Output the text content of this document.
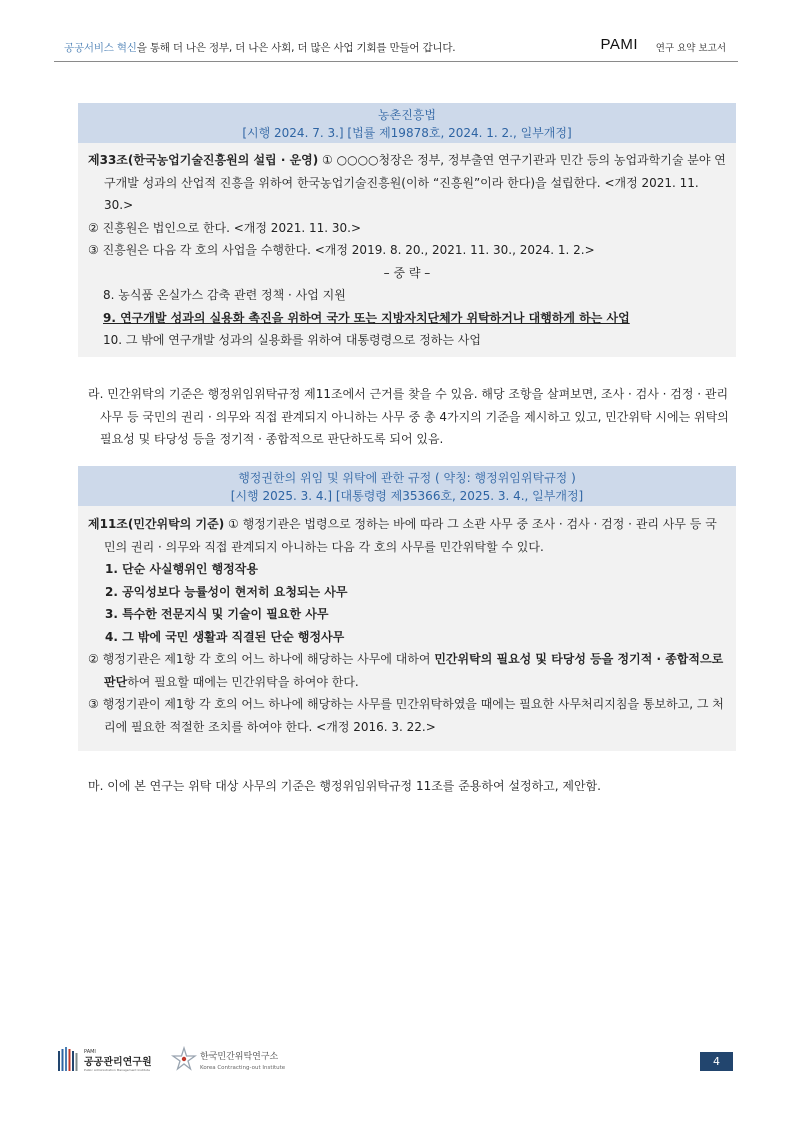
공공서비스 혁신을 통해 더 나은 정부, 더 나은 사회, 더 많은 사업 기회를 만들어 갑니다.	PAMI 연구 요약 보고서
농촌진흥법
[시행 2024. 7. 3.] [법률 제19878호, 2024. 1. 2., 일부개정]
제33조(한국농업기술진흥원의 설립 · 운영) ① ○○○○청장은 정부, 정부출연 연구기관과 민간 등의 농업과학기술 분야 연구개발 성과의 산업적 진흥을 위하여 한국농업기술진흥원(이하 “진흥원”이라 한다)을 설립한다. <개정 2021. 11. 30.>
② 진흥원은 법인으로 한다. <개정 2021. 11. 30.>
③ 진흥원은 다음 각 호의 사업을 수행한다. <개정 2019. 8. 20., 2021. 11. 30., 2024. 1. 2.>
– 중 략 –
8. 농식품 온실가스 감축 관련 정책 · 사업 지원
9. 연구개발 성과의 실용화 촉진을 위하여 국가 또는 지방자치단체가 위탁하거나 대행하게 하는 사업
10. 그 밖에 연구개발 성과의 실용화를 위하여 대통령령으로 정하는 사업
라. 민간위탁의 기준은 행정위임위탁규정 제11조에서 근거를 찾을 수 있음. 해당 조항을 살펴보면, 조사 · 검사 · 검정 · 관리 사무 등 국민의 권리 · 의무와 직접 관계되지 아니하는 사무 중 총 4가지의 기준을 제시하고 있고, 민간위탁 시에는 위탁의 필요성 및 타당성 등을 정기적 · 종합적으로 판단하도록 되어 있음.
행정권한의 위임 및 위탁에 관한 규정 ( 약칭: 행정위임위탁규정 )
[시행 2025. 3. 4.] [대통령령 제35366호, 2025. 3. 4., 일부개정]
제11조(민간위탁의 기준) ① 행정기관은 법령으로 정하는 바에 따라 그 소관 사무 중 조사 · 검사 · 검정 · 관리 사무 등 국민의 권리 · 의무와 직접 관계되지 아니하는 다음 각 호의 사무를 민간위탁할 수 있다.
1. 단순 사실행위인 행정작용
2. 공익성보다 능률성이 현저히 요청되는 사무
3. 특수한 전문지식 및 기술이 필요한 사무
4. 그 밖에 국민 생활과 직결된 단순 행정사무
② 행정기관은 제1항 각 호의 어느 하나에 해당하는 사무에 대하여 민간위탁의 필요성 및 타당성 등을 정기적 · 종합적으로 판단하여 필요할 때에는 민간위탁을 하여야 한다.
③ 행정기관이 제1항 각 호의 어느 하나에 해당하는 사무를 민간위탁하였을 때에는 필요한 사무처리지침을 통보하고, 그 처리에 필요한 적절한 조치를 하여야 한다. <개정 2016. 3. 22.>
마. 이에 본 연구는 위탁 대상 사무의 기준은 행정위임위탁규정 11조를 준용하여 설정하고, 제안함.
PAMI
공공관리연구원
Public Administration Management Institute
한국민간위탁연구소
Korea Contracting-out Institute	4
